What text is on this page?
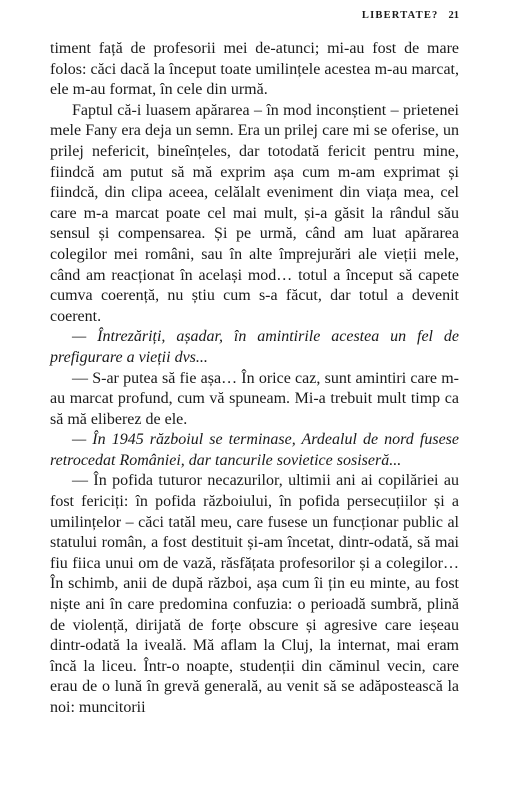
LIBERTATE? 21

timent față de profesorii mei de-atunci; mi-au fost de mare folos: căci dacă la început toate umilințele acestea m-au marcat, ele m-au format, în cele din urmă.

Faptul că-i luasem apărarea – în mod inconștient – prietenei mele Fany era deja un semn. Era un prilej care mi se oferise, un prilej nefericit, bineînțeles, dar totodată fericit pentru mine, fiindcă am putut să mă exprim așa cum m-am exprimat și fiindcă, din clipa aceea, celălalt eveniment din viața mea, cel care m-a marcat poate cel mai mult, și-a găsit la rândul său sensul și compensarea. Și pe urmă, când am luat apărarea colegilor mei români, sau în alte împrejurări ale vieții mele, când am reacționat în același mod… totul a început să capete cumva coerență, nu știu cum s-a făcut, dar totul a devenit coerent.

— Întrezăriți, așadar, în amintirile acestea un fel de prefigurare a vieții dvs...

— S-ar putea să fie așa… În orice caz, sunt amintiri care m-au marcat profund, cum vă spuneam. Mi-a trebuit mult timp ca să mă eliberez de ele.

— În 1945 războiul se terminase, Ardealul de nord fusese retrocedat României, dar tancurile sovietice sosiseră...

— În pofida tuturor necazurilor, ultimii ani ai copilăriei au fost fericiți: în pofida războiului, în pofida persecuțiilor și a umilințelor – căci tatăl meu, care fusese un funcționar public al statului român, a fost destituit și-am încetat, dintr-odată, să mai fiu fiica unui om de vază, răsfățata profesorilor și a colegilor… În schimb, anii de după război, așa cum îi țin eu minte, au fost niște ani în care predomina confuzia: o perioadă sumbră, plină de violență, dirijată de forțe obscure și agresive care ieșeau dintr-odată la iveală. Mă aflam la Cluj, la internat, mai eram încă la liceu. Într-o noapte, studenții din căminul vecin, care erau de o lună în grevă generală, au venit să se adăpostească la noi: muncitorii
